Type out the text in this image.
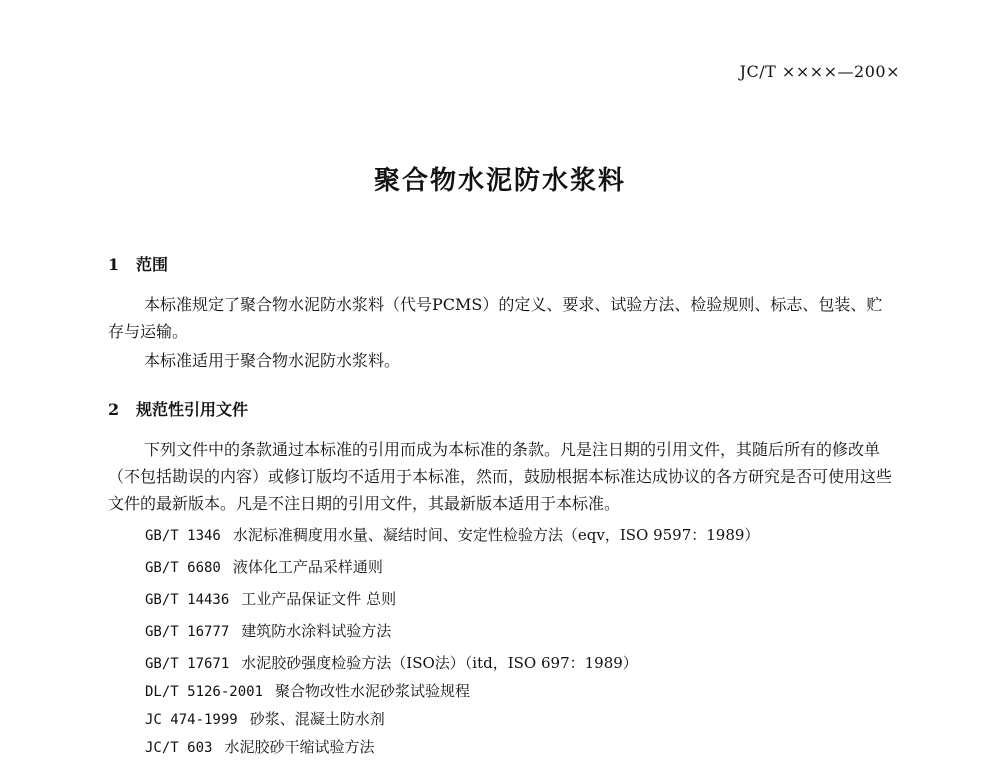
JC/T ××××—200×
聚合物水泥防水浆料
1 范围
本标准规定了聚合物水泥防水浆料（代号PCMS）的定义、要求、试验方法、检验规则、标志、包装、贮存与运输。
本标准适用于聚合物水泥防水浆料。
2 规范性引用文件
下列文件中的条款通过本标准的引用而成为本标准的条款。凡是注日期的引用文件，其随后所有的修改单（不包括勘误的内容）或修订版均不适用于本标准，然而，鼓励根据本标准达成协议的各方研究是否可使用这些文件的最新版本。凡是不注日期的引用文件，其最新版本适用于本标准。
GB/T 1346 水泥标准稠度用水量、凝结时间、安定性检验方法（eqv，ISO 9597：1989）
GB/T 6680 液体化工产品采样通则
GB/T 14436 工业产品保证文件 总则
GB/T 16777 建筑防水涂料试验方法
GB/T 17671 水泥胶砂强度检验方法（ISO法）（itd，ISO 697：1989）
DL/T 5126-2001 聚合物改性水泥砂浆试验规程
JC 474-1999 砂浆、混凝土防水剂
JC/T 603 水泥胶砂干缩试验方法
